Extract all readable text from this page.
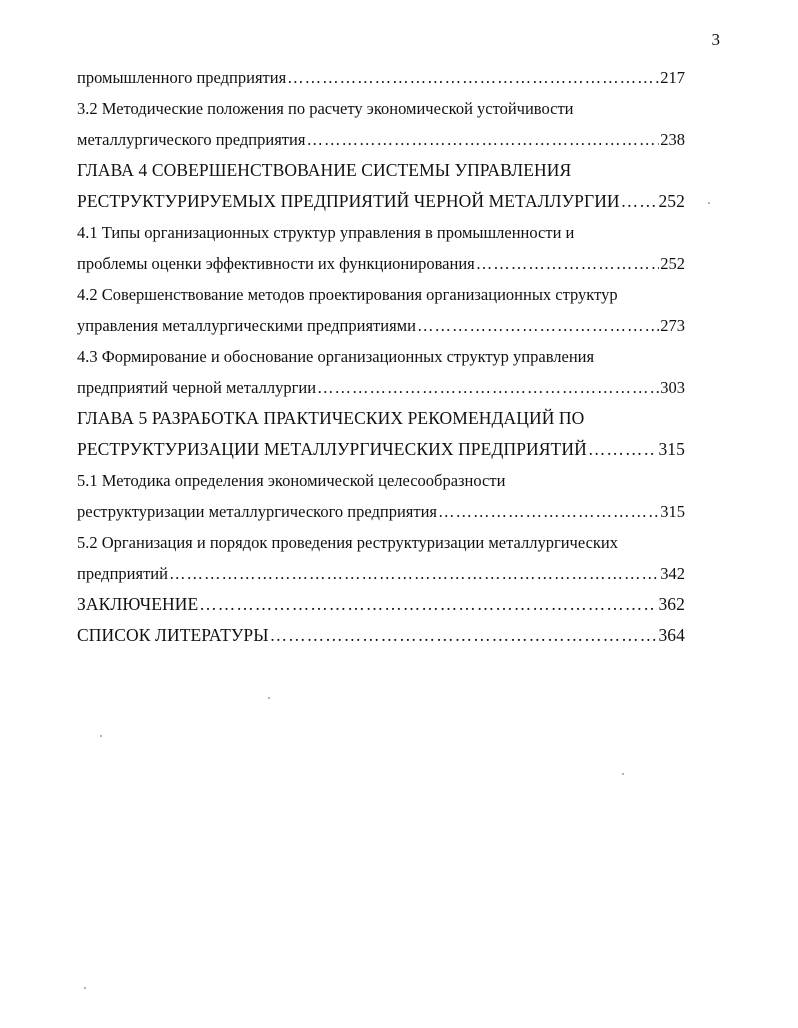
3
промышленного предприятия …………………………………………………………………………………………………………………………………………	217
3.2 Методические положения по расчету экономической устойчивости
металлургического предприятия …………………………………………………………………………………………………………………………………………	238
ГЛАВА 4 СОВЕРШЕНСТВОВАНИЕ СИСТЕМЫ УПРАВЛЕНИЯ
РЕСТРУКТУРИРУЕМЫХ ПРЕДПРИЯТИЙ ЧЕРНОЙ МЕТАЛЛУРГИИ ………………………………………………………………………………………………………………………………………… 252
4.1 Типы организационных структур управления в промышленности и
проблемы оценки эффективности их функционирования …………………………………………………………………………………………………………………………………………	252
4.2 Совершенствование методов проектирования организационных структур
управления металлургическими предприятиями …………………………………………………………………………………………………………………………………………	273
4.3 Формирование и обоснование организационных структур управления
предприятий черной металлургии …………………………………………………………………………………………………………………………………………	303
ГЛАВА 5 РАЗРАБОТКА ПРАКТИЧЕСКИХ РЕКОМЕНДАЦИЙ ПО
РЕСТРУКТУРИЗАЦИИ МЕТАЛЛУРГИЧЕСКИХ ПРЕДПРИЯТИЙ …………………………………………………………………………………………………………………………………………	315
5.1 Методика определения экономической целесообразности
реструктуризации металлургического предприятия …………………………………………………………………………………………………………………………………………	315
5.2 Организация и порядок проведения реструктуризации металлургических
предприятий …………………………………………………………………………………………………………………………………………	342
ЗАКЛЮЧЕНИЕ …………………………………………………………………………………………………………………………………………	362
СПИСОК ЛИТЕРАТУРЫ …………………………………………………………………………………………………………………………………………	364
